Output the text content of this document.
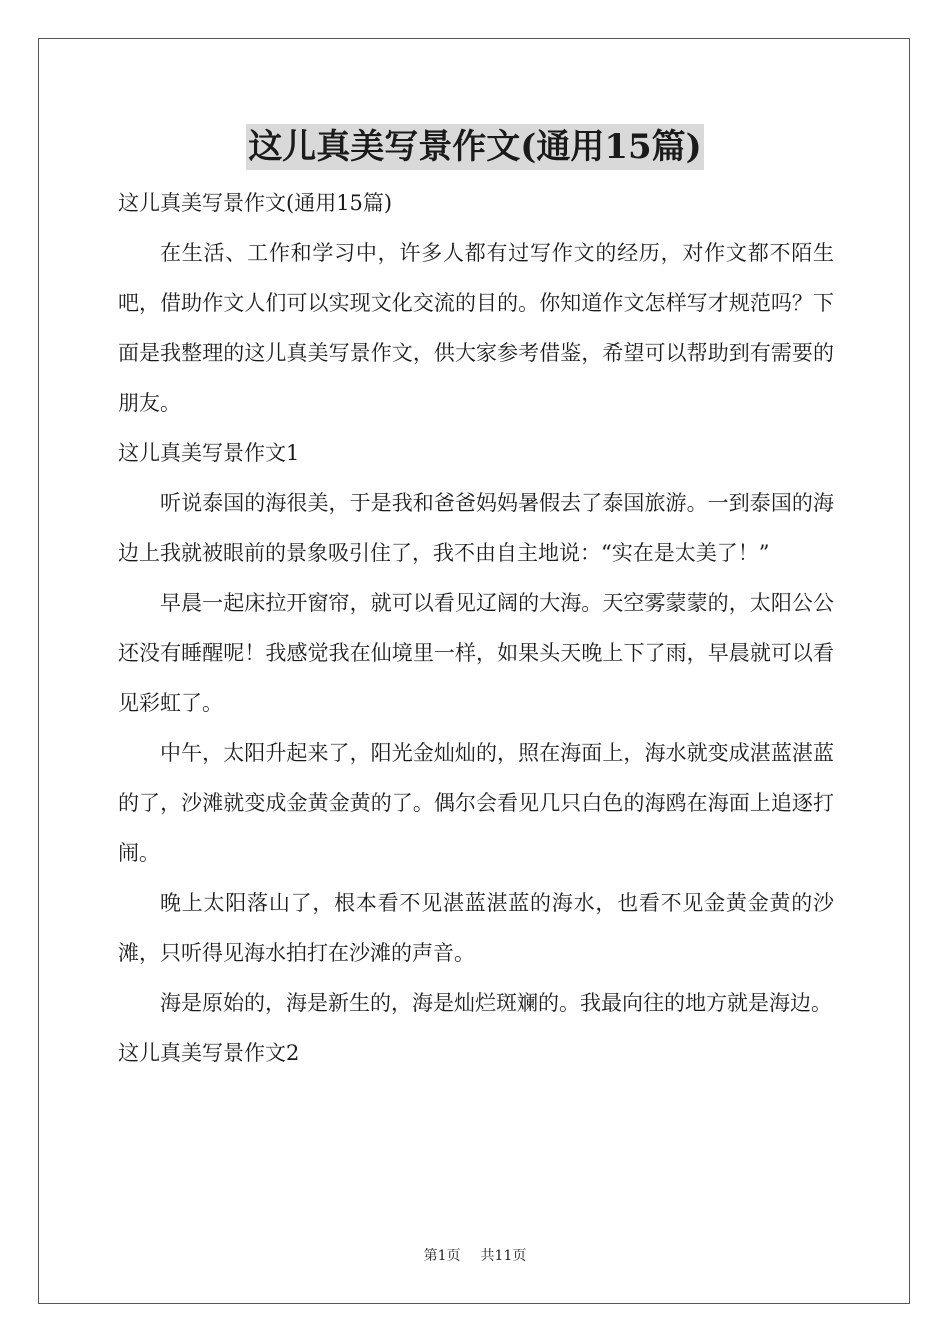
这儿真美写景作文(通用15篇)

这儿真美写景作文(通用15篇)

在生活、工作和学习中，许多人都有过写作文的经历，对作文都不陌生吧，借助作文人们可以实现文化交流的目的。你知道作文怎样写才规范吗？下面是我整理的这儿真美写景作文，供大家参考借鉴，希望可以帮助到有需要的朋友。

这儿真美写景作文1

听说泰国的海很美，于是我和爸爸妈妈暑假去了泰国旅游。一到泰国的海边上我就被眼前的景象吸引住了，我不由自主地说：“实在是太美了！”

早晨一起床拉开窗帘，就可以看见辽阔的大海。天空雾蒙蒙的，太阳公公还没有睡醒呢！我感觉我在仙境里一样，如果头天晚上下了雨，早晨就可以看见彩虹了。

中午，太阳升起来了，阳光金灿灿的，照在海面上，海水就变成湛蓝湛蓝的了，沙滩就变成金黄金黄的了。偶尔会看见几只白色的海鸥在海面上追逐打闹。

晚上太阳落山了，根本看不见湛蓝湛蓝的海水，也看不见金黄金黄的沙滩，只听得见海水拍打在沙滩的声音。

海是原始的，海是新生的，海是灿烂斑斓的。我最向往的地方就是海边。

这儿真美写景作文2

第1页 共11页
